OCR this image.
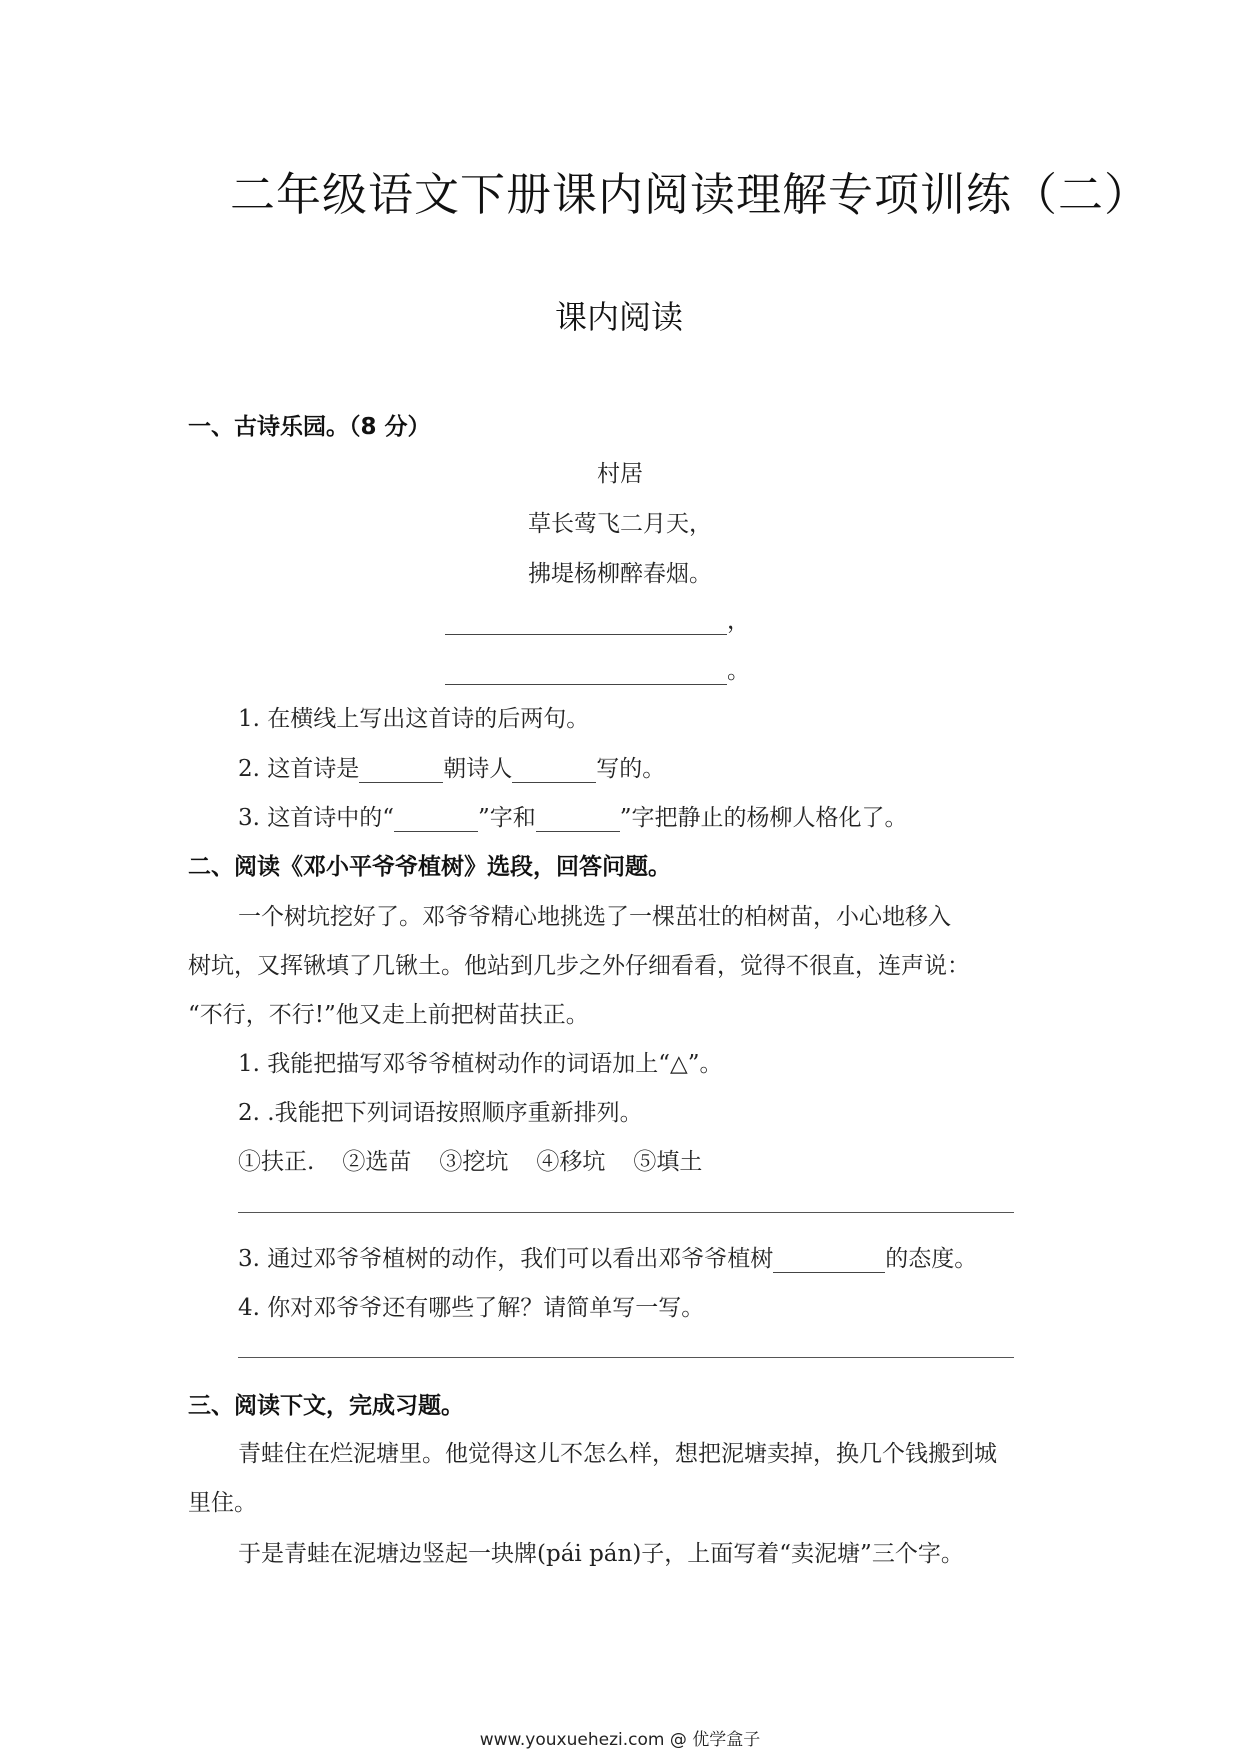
二年级语文下册课内阅读理解专项训练（二）
课内阅读
一、古诗乐园。（8 分）
村居
草长莺飞二月天，
拂堤杨柳醉春烟。
，
。
1. 在横线上写出这首诗的后两句。
2. 这首诗是	朝诗人	写的。
3. 这首诗中的“	”字和	”字把静止的杨柳人格化了。
二、阅读《邓小平爷爷植树》选段，回答问题。
一个树坑挖好了。邓爷爷精心地挑选了一棵茁壮的柏树苗，小心地移入
树坑，又挥锹填了几锹土。他站到几步之外仔细看看，觉得不很直，连声说：
“不行，不行!”他又走上前把树苗扶正。
1. 我能把描写邓爷爷植树动作的词语加上“△”。
2. .我能把下列词语按照顺序重新排列。
①扶正. ②选苗 ③挖坑 ④移坑 ⑤填土
3. 通过邓爷爷植树的动作，我们可以看出邓爷爷植树	的态度。
4. 你对邓爷爷还有哪些了解？请简单写一写。
三、阅读下文，完成习题。
青蛙住在烂泥塘里。他觉得这儿不怎么样，想把泥塘卖掉，换几个钱搬到城
里住。
于是青蛙在泥塘边竖起一块牌(pái pán)子，上面写着“卖泥塘”三个字。
www.youxuehezi.com @ 优学盒子
